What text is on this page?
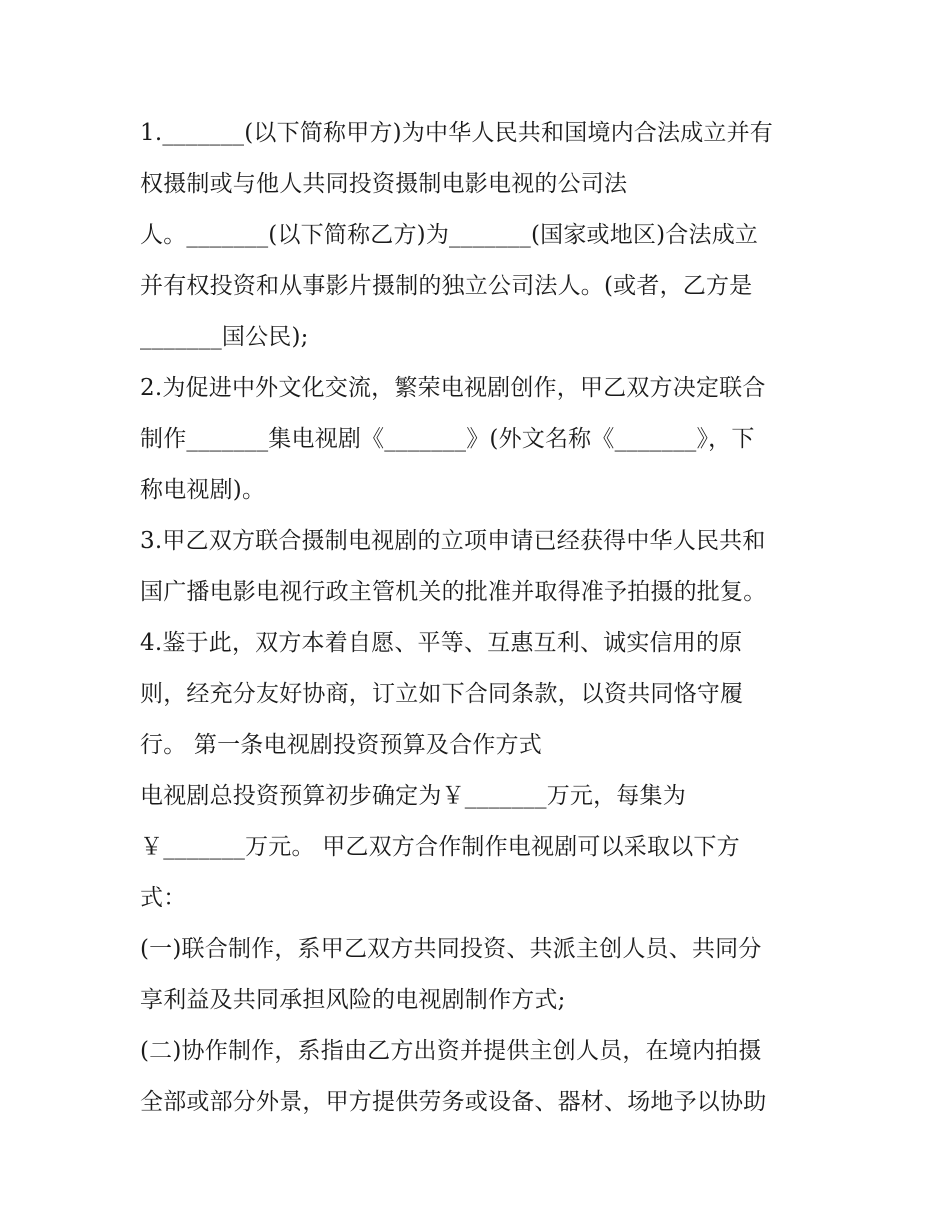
1._______(以下简称甲方)为中华人民共和国境内合法成立并有
权摄制或与他人共同投资摄制电影电视的公司法
人。_______(以下简称乙方)为_______(国家或地区)合法成立
并有权投资和从事影片摄制的独立公司法人。(或者，乙方是
_______国公民);
2.为促进中外文化交流，繁荣电视剧创作，甲乙双方决定联合
制作_______集电视剧《_______》(外文名称《_______》，下
称电视剧)。
3.甲乙双方联合摄制电视剧的立项申请已经获得中华人民共和
国广播电影电视行政主管机关的批准并取得准予拍摄的批复。
4.鉴于此，双方本着自愿、平等、互惠互利、诚实信用的原
则，经充分友好协商，订立如下合同条款，以资共同恪守履
行。 第一条电视剧投资预算及合作方式
电视剧总投资预算初步确定为￥_______万元，每集为
￥_______万元。 甲乙双方合作制作电视剧可以采取以下方
式：
(一)联合制作，系甲乙双方共同投资、共派主创人员、共同分
享利益及共同承担风险的电视剧制作方式;
(二)协作制作，系指由乙方出资并提供主创人员，在境内拍摄
全部或部分外景，甲方提供劳务或设备、器材、场地予以协助
